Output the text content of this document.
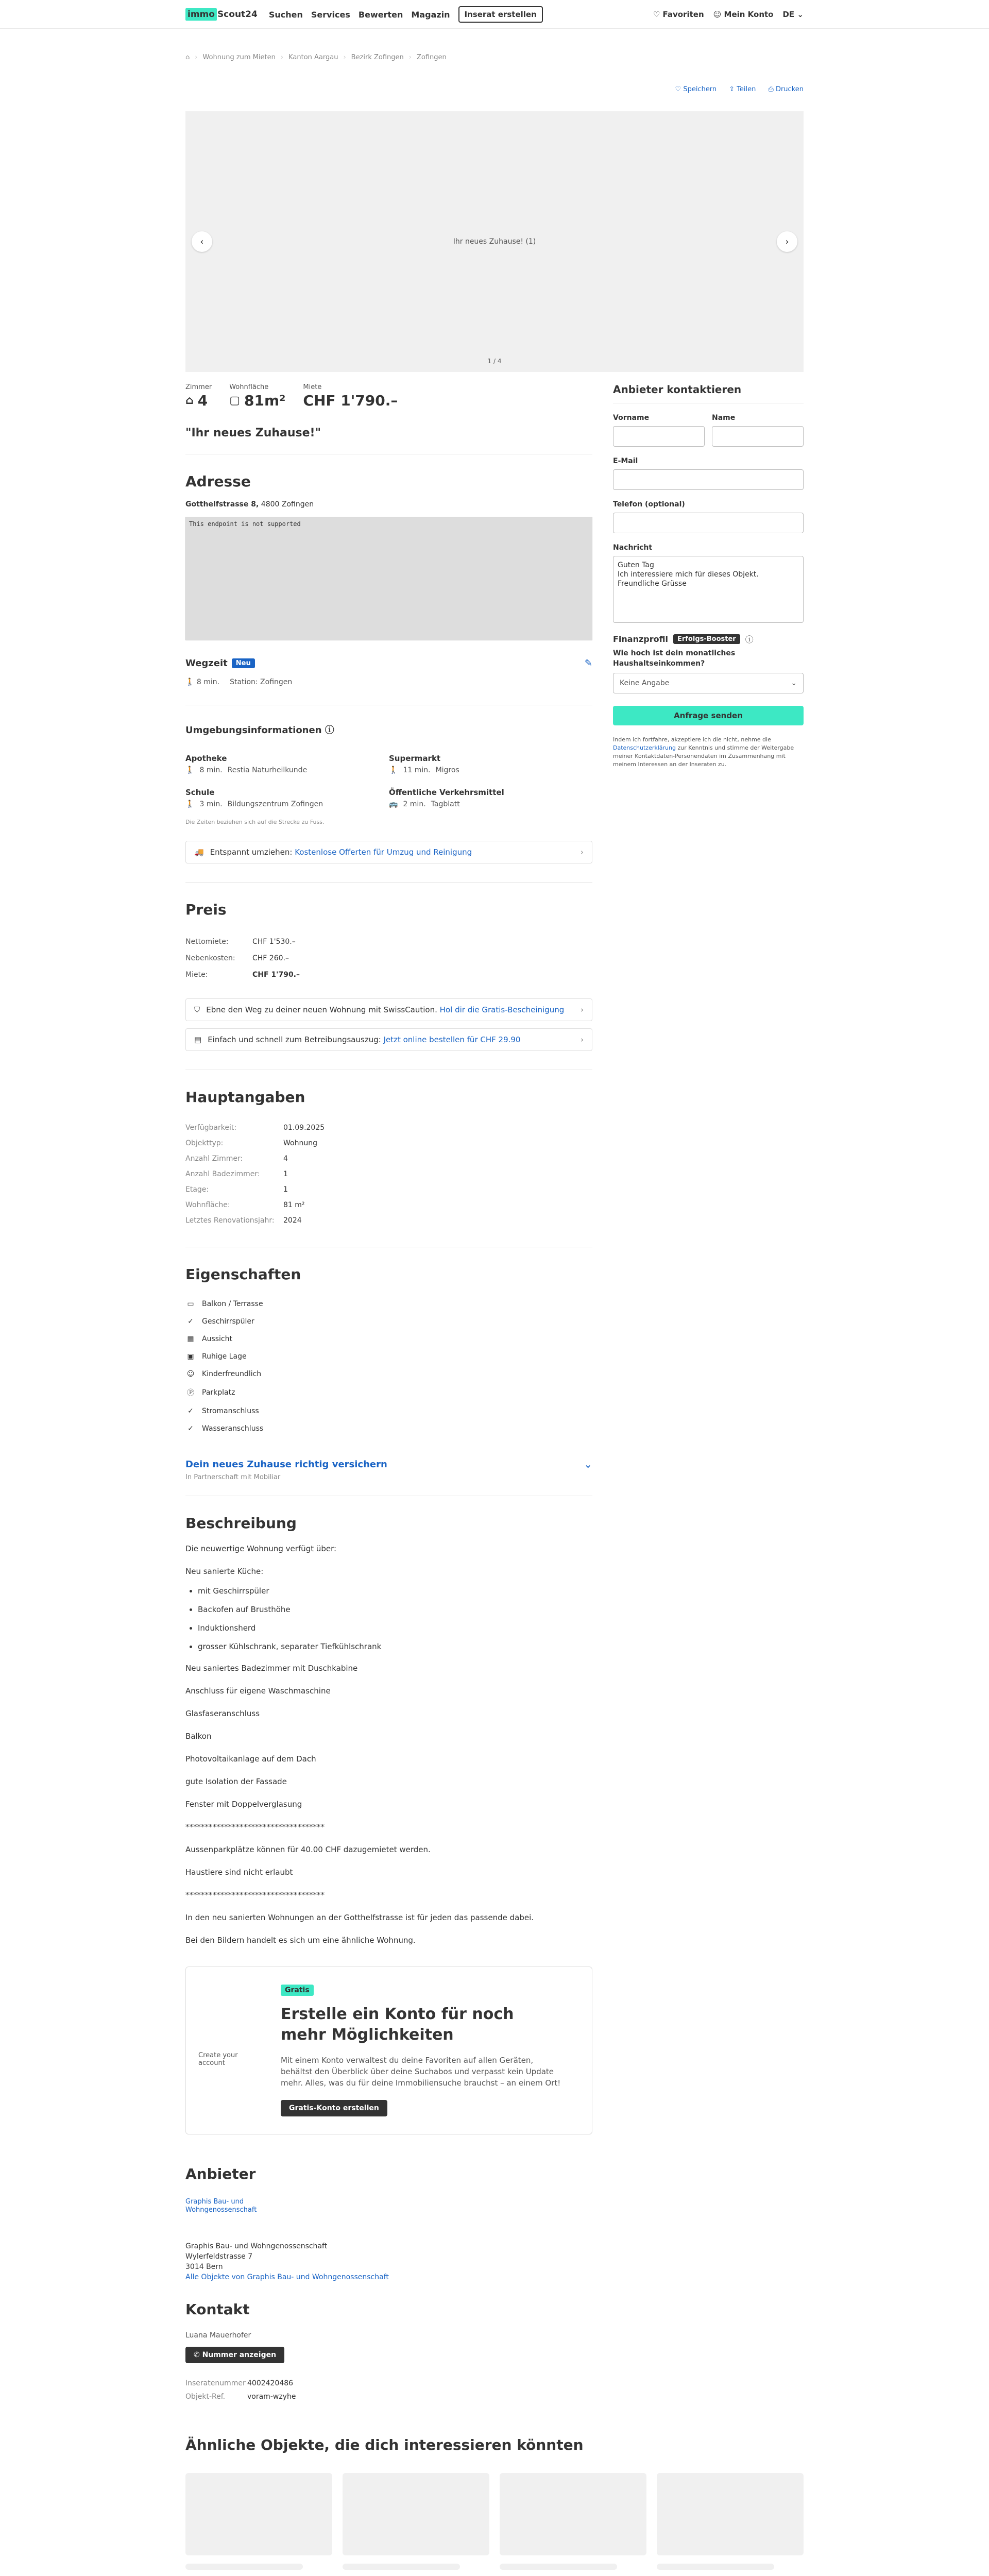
immo Scout24 Suchen Services Bewerten Magazin	Inserat erstellen	♡ Favoriten ☺ Mein Konto DE ⌄
⌂ › Wohnung zum Mieten › Kanton Aargau › Bezirk Zofingen › Zofingen
♡ Speichern ⇪ Teilen ⎙ Drucken
‹	Ihr neues Zuhause! (1)	›
1 / 4
Zimmer
⌂ 4
Wohnfläche
▢ 81m²
Miete
CHF 1'790.–
"Ihr neues Zuhause!"
Adresse
Gotthelfstrasse 8, 4800 Zofingen
This endpoint is not supported
Wegzeit	Neu	✎
🚶 8 min. Station: Zofingen
Umgebungsinformationen ⓘ
Apotheke
🚶 8 min. Restia Naturheilkunde
Supermarkt
🚶 11 min. Migros
Schule
🚶 3 min. Bildungszentrum Zofingen
Öffentliche Verkehrsmittel
🚌 2 min. Tagblatt
Die Zeiten beziehen sich auf die Strecke zu Fuss.
🚚 Entspannt umziehen: Kostenlose Offerten für Umzug und Reinigung	›
Preis
Nettomiete:	CHF 1'530.–
Nebenkosten:	CHF 260.–
Miete:	CHF 1'790.–
⛉ Ebne den Weg zu deiner neuen Wohnung mit SwissCaution. Hol dir die Gratis-Bescheinigung ›
▤ Einfach und schnell zum Betreibungsauszug: Jetzt online bestellen für CHF 29.90	›
Hauptangaben
Verfügbarkeit:	01.09.2025
Objekttyp:	Wohnung
Anzahl Zimmer:	4
Anzahl Badezimmer:	1
Etage:	1
Wohnfläche:	81 m²
Letztes Renovationsjahr:	2024
Eigenschaften
▭ Balkon / Terrasse
✓ Geschirrspüler
▦ Aussicht
▣ Ruhige Lage
☺ Kinderfreundlich
Ⓟ Parkplatz
✓ Stromanschluss
✓ Wasseranschluss
Dein neues Zuhause richtig versichern	⌄
In Partnerschaft mit Mobiliar
Beschreibung

Die neuwertige Wohnung verfügt über:

Neu sanierte Küche:

• mit Geschirrspüler
• Backofen auf Brusthöhe
• Induktionsherd
• grosser Kühlschrank, separater Tiefkühlschrank

Neu saniertes Badezimmer mit Duschkabine

Anschluss für eigene Waschmaschine

Glasfaseranschluss

Balkon

Photovoltaikanlage auf dem Dach

gute Isolation der Fassade

Fenster mit Doppelverglasung

************************************

Aussenparkplätze können für 40.00 CHF dazugemietet werden.

Haustiere sind nicht erlaubt

************************************

In den neu sanierten Wohnungen an der Gotthelfstrasse ist für jeden das passende dabei.

Bei den Bildern handelt es sich um eine ähnliche Wohnung.

Create your account
Gratis
Erstelle ein Konto für noch mehr Möglichkeiten
Mit einem Konto verwaltest du deine Favoriten auf allen Geräten, behältst den Überblick über deine Suchabos und verpasst kein Update mehr. Alles, was du für deine Immobiliensuche brauchst – an einem Ort!
Gratis-Konto erstellen
Anbieter
Graphis Bau- und Wohngenossenschaft
Graphis Bau- und Wohngenossenschaft
Wylerfeldstrasse 7
3014 Bern
Alle Objekte von Graphis Bau- und Wohngenossenschaft
Kontakt
Luana Mauerhofer
✆ Nummer anzeigen
Inseratenummer 4002420486
Objekt-Ref.	voram-wzyhe
Anbieter kontaktieren
Vorname	Name
E-Mail
Telefon (optional)
Nachricht
Guten Tag
Ich interessiere mich für dieses Objekt.
Freundliche Grüsse
Finanzprofil	Erfolgs-Booster	ⓘ
Wie hoch ist dein monatliches Haushaltseinkommen?
Keine Angabe	⌄
Anfrage senden
Indem ich fortfahre, akzeptiere ich die nicht, nehme die Datenschutzerklärung zur Kenntnis und stimme der Weitergabe meiner Kontaktdaten-Personendaten im Zusammenhang mit meinem Interessen an der Inseraten zu.
Ähnliche Objekte, die dich interessieren könnten
